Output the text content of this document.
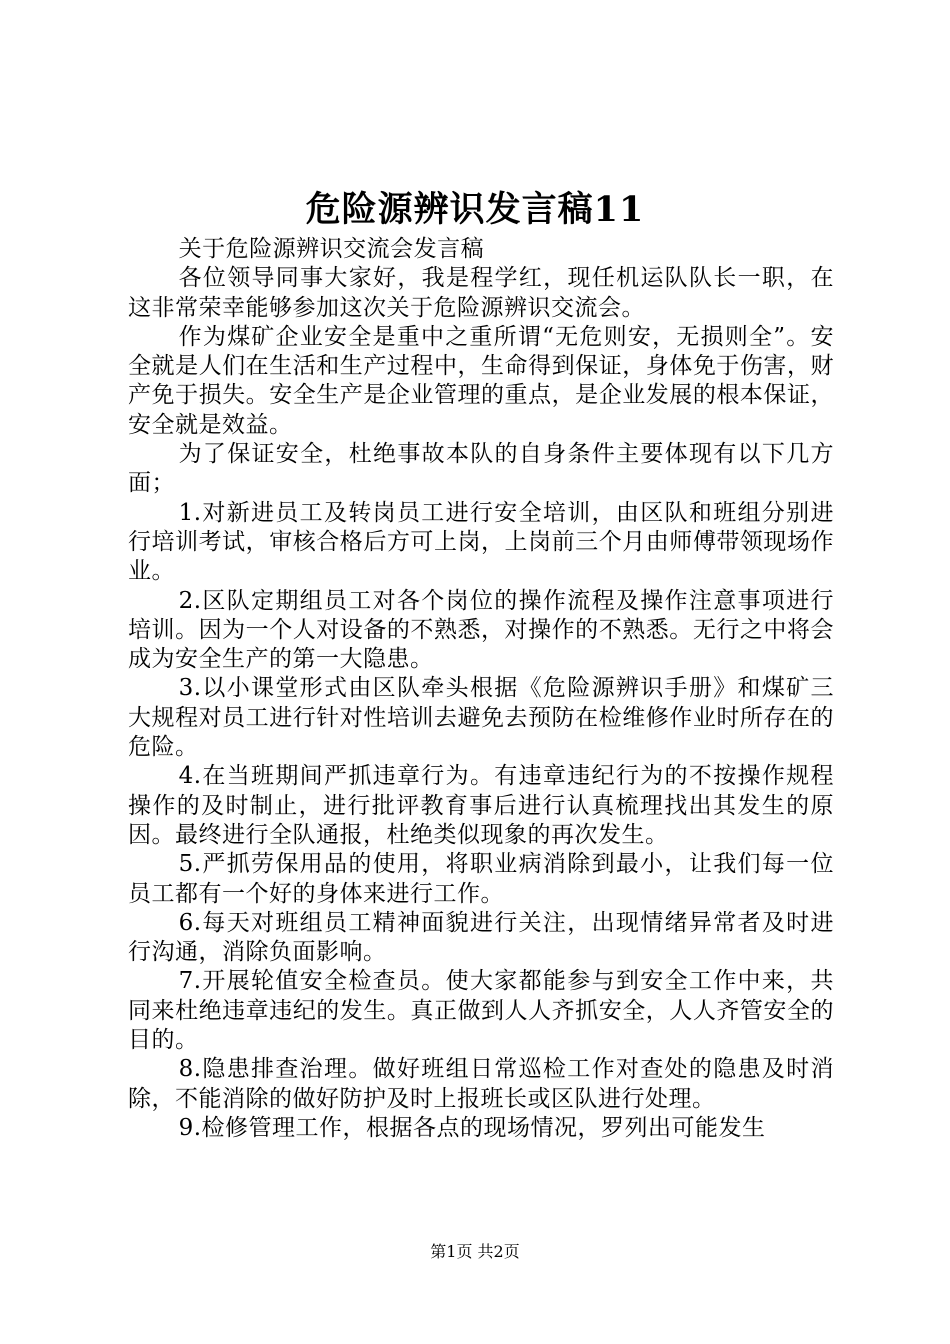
危险源辨识发言稿11

关于危险源辨识交流会发言稿

各位领导同事大家好，我是程学红，现任机运队队长一职，在这非常荣幸能够参加这次关于危险源辨识交流会。

作为煤矿企业安全是重中之重所谓“无危则安，无损则全”。安全就是人们在生活和生产过程中，生命得到保证，身体免于伤害，财产免于损失。安全生产是企业管理的重点，是企业发展的根本保证，安全就是效益。

为了保证安全，杜绝事故本队的自身条件主要体现有以下几方面；

1.对新进员工及转岗员工进行安全培训，由区队和班组分别进行培训考试，审核合格后方可上岗，上岗前三个月由师傅带领现场作业。

2.区队定期组员工对各个岗位的操作流程及操作注意事项进行培训。因为一个人对设备的不熟悉，对操作的不熟悉。无行之中将会成为安全生产的第一大隐患。

3.以小课堂形式由区队牵头根据《危险源辨识手册》和煤矿三大规程对员工进行针对性培训去避免去预防在检维修作业时所存在的危险。

4.在当班期间严抓违章行为。有违章违纪行为的不按操作规程操作的及时制止，进行批评教育事后进行认真梳理找出其发生的原因。最终进行全队通报，杜绝类似现象的再次发生。

5.严抓劳保用品的使用，将职业病消除到最小，让我们每一位员工都有一个好的身体来进行工作。

6.每天对班组员工精神面貌进行关注，出现情绪异常者及时进行沟通，消除负面影响。

7.开展轮值安全检查员。使大家都能参与到安全工作中来，共同来杜绝违章违纪的发生。真正做到人人齐抓安全，人人齐管安全的目的。

8.隐患排查治理。做好班组日常巡检工作对查处的隐患及时消除，不能消除的做好防护及时上报班长或区队进行处理。

9.检修管理工作，根据各点的现场情况，罗列出可能发生

第1页 共2页
